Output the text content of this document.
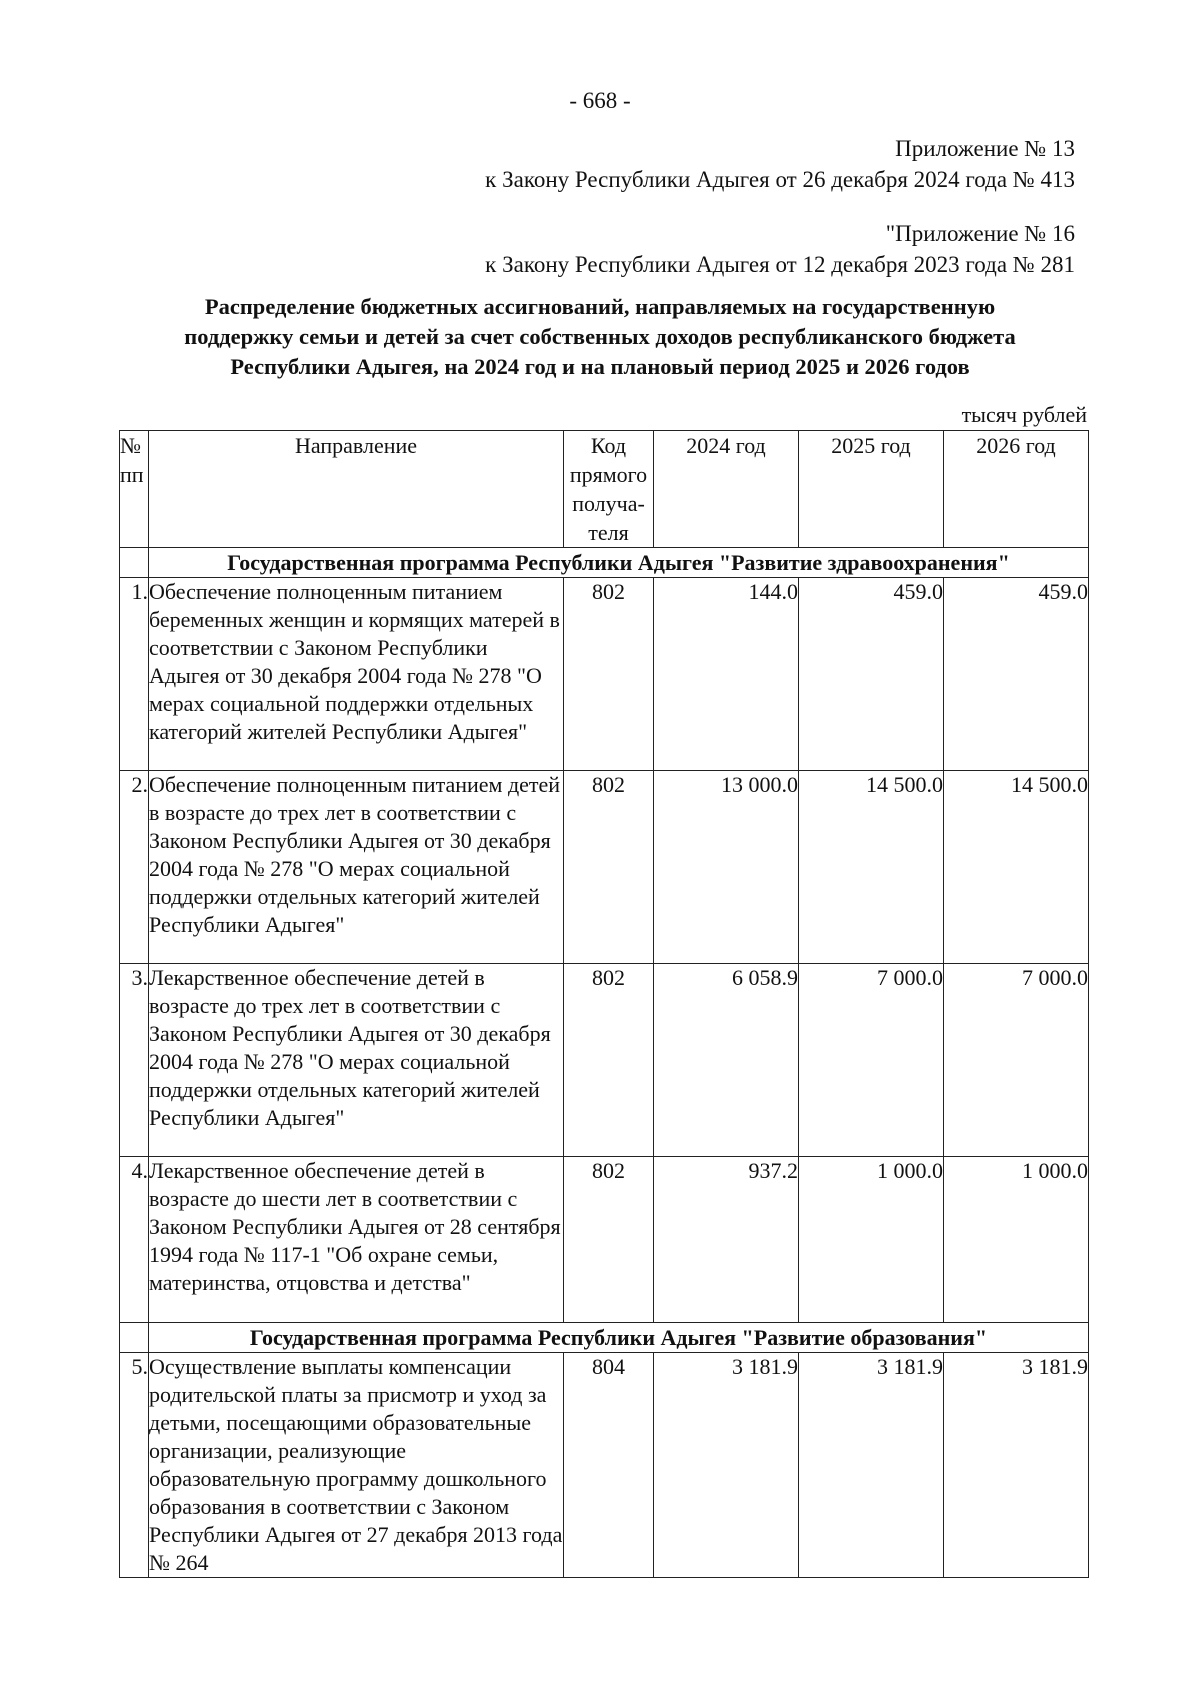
- 668 -
Приложение № 13
к Закону Республики Адыгея от 26 декабря 2024 года № 413
"Приложение № 16
к Закону Республики Адыгея от 12 декабря 2023 года № 281
Распределение бюджетных ассигнований, направляемых на государственную
поддержку семьи и детей за счет собственных доходов республиканского бюджета
Республики Адыгея, на 2024 год и на плановый период 2025 и 2026 годов
тысяч рублей
№ пп	Направление	Код прямого получа-теля	2024 год	2025 год	2026 год
	Государственная программа Республики Адыгея "Развитие здравоохранения"				
1.	Обеспечение полноценным питанием беременных женщин и кормящих матерей в соответствии с Законом Республики Адыгея от 30 декабря 2004 года № 278 "О мерах социальной поддержки отдельных категорий жителей Республики Адыгея"	802	144.0	459.0	459.0
2.	Обеспечение полноценным питанием детей в возрасте до трех лет в соответствии с Законом Республики Адыгея от 30 декабря 2004 года № 278 "О мерах социальной поддержки отдельных категорий жителей Республики Адыгея"	802	13 000.0	14 500.0	14 500.0
3.	Лекарственное обеспечение детей в возрасте до трех лет в соответствии с Законом Республики Адыгея от 30 декабря 2004 года № 278 "О мерах социальной поддержки отдельных категорий жителей Республики Адыгея"	802	6 058.9	7 000.0	7 000.0
4.	Лекарственное обеспечение детей в возрасте до шести лет в соответствии с Законом Республики Адыгея от 28 сентября 1994 года № 117-1 "Об охране семьи, материнства, отцовства и детства"	802	937.2	1 000.0	1 000.0
	Государственная программа Республики Адыгея "Развитие образования"				
5.	Осуществление выплаты компенсации родительской платы за присмотр и уход за детьми, посещающими образовательные организации, реализующие образовательную программу дошкольного образования в соответствии с Законом Республики Адыгея от 27 декабря 2013 года № 264	804	3 181.9	3 181.9	3 181.9
